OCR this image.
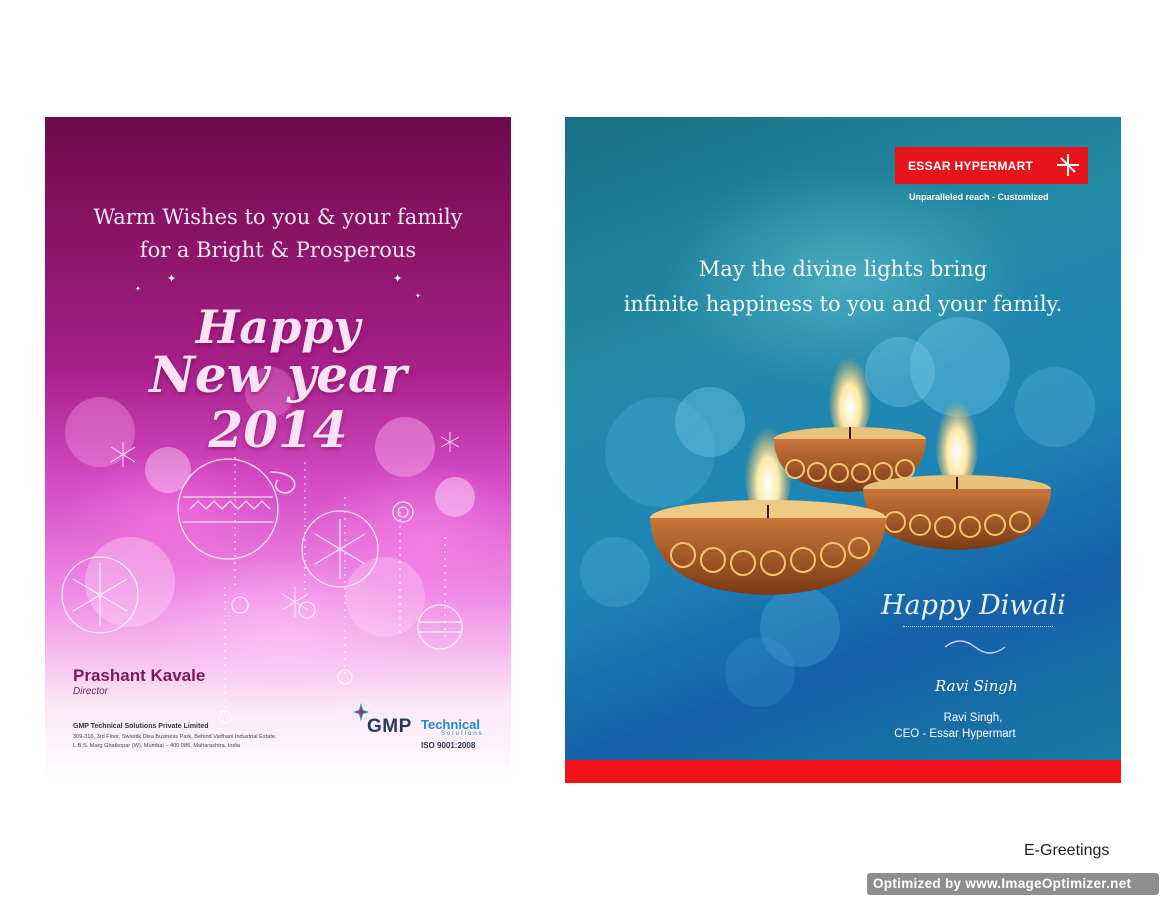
Warm Wishes to you & your family
for a Bright & Prosperous
✦	✦
✦
✦
Happy
New year
2014
Prashant Kavale
Director
GMP Technical Solutions Private Limited
309-316, 3rd Floor, Swastik Disa Business Park, Behind Vadhani Industrial Estate,
L.B.S. Marg Ghatkopar (W), Mumbai – 400 086, Maharashtra, India
GMP Technical
Solutions
ISO 9001:2008
ESSAR HYPERMART
Unparalleled reach - Customized
May the divine lights bring
infinite happiness to you and your family.
Happy Diwali
Ravi Singh
Ravi Singh,
CEO - Essar Hypermart
E-Greetings
Optimized by www.ImageOptimizer.net
